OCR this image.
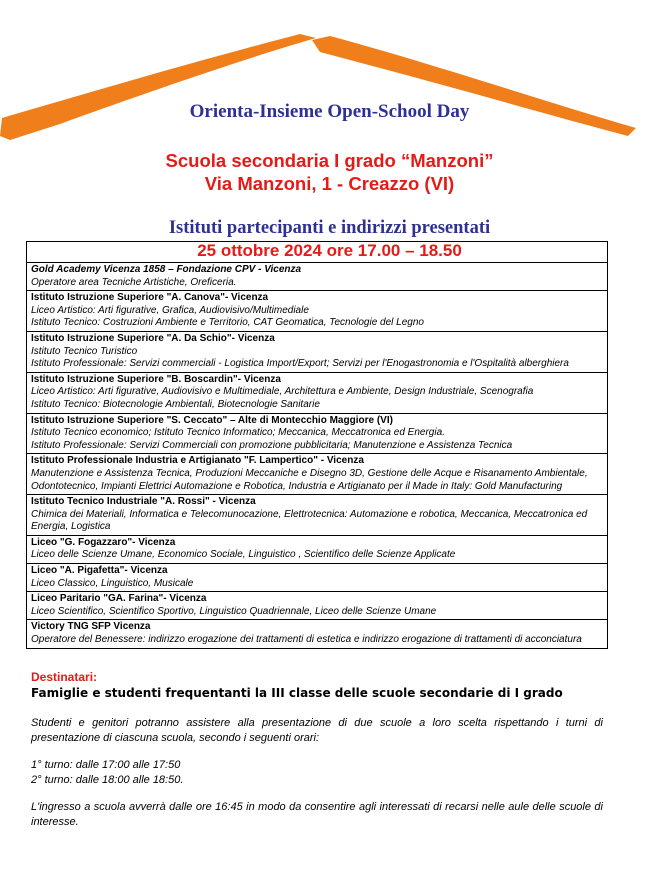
Orienta-Insieme Open-School Day
Scuola secondaria I grado “Manzoni”
Via Manzoni, 1 - Creazzo (VI)
Istituti partecipanti e indirizzi presentati
Gold Academy Vicenza 1858 – Fondazione CPV - Vicenza
Operatore area Tecniche Artistiche, Oreficeria.
Istituto Istruzione Superiore "A. Canova"- Vicenza
Liceo Artistico: Arti figurative, Grafica, Audiovisivo/Multimediale
Istituto Tecnico: Costruzioni Ambiente e Territorio, CAT Geomatica, Tecnologie del Legno
Istituto Istruzione Superiore "A. Da Schio"- Vicenza
Istituto Tecnico Turistico
Istituto Professionale: Servizi commerciali - Logistica Import/Export; Servizi per l'Enogastronomia e l'Ospitalità alberghiera
Istituto Istruzione Superiore "B. Boscardin"- Vicenza
Liceo Artistico: Arti figurative, Audiovisivo e Multimediale, Architettura e Ambiente, Design Industriale, Scenografia
Istituto Tecnico: Biotecnologie Ambientali, Biotecnologie Sanitarie
Istituto Istruzione Superiore "S. Ceccato" – Alte di Montecchio Maggiore (VI)
Istituto Tecnico economico; Istituto Tecnico Informatico; Meccanica, Meccatronica ed Energia.
Istituto Professionale: Servizi Commerciali con promozione pubblicitaria; Manutenzione e Assistenza Tecnica
Istituto Professionale Industria e Artigianato "F. Lampertico" - Vicenza
Manutenzione e Assistenza Tecnica, Produzioni Meccaniche e Disegno 3D, Gestione delle Acque e Risanamento Ambientale, Odontotecnico, Impianti Elettrici Automazione e Robotica, Industria e Artigianato per il Made in Italy: Gold Manufacturing
Istituto Tecnico Industriale "A. Rossi" - Vicenza
Chimica dei Materiali, Informatica e Telecomunocazione, Elettrotecnica: Automazione e robotica, Meccanica, Meccatronica ed Energia, Logistica
Liceo "G. Fogazzaro"- Vicenza
Liceo delle Scienze Umane, Economico Sociale, Linguistico , Scientifico delle Scienze Applicate
Liceo "A. Pigafetta"- Vicenza
Liceo Classico, Linguistico, Musicale
Liceo Paritario "GA. Farina"- Vicenza
Liceo Scientifico, Scientifico Sportivo, Linguistico Quadriennale, Liceo delle Scienze Umane
Victory TNG SFP Vicenza
Operatore del Benessere: indirizzo erogazione dei trattamenti di estetica e indirizzo erogazione di trattamenti di acconciatura
25 ottobre 2024 ore 17.00 – 18.50
Destinatari:
Famiglie e studenti frequentanti la III classe delle scuole secondarie di I grado
Studenti e genitori potranno assistere alla presentazione di due scuole a loro scelta rispettando i turni di presentazione di ciascuna scuola, secondo i seguenti orari:
1° turno: dalle 17:00 alle 17:50
2° turno: dalle 18:00 alle 18:50.
L'ingresso a scuola avverrà dalle ore 16:45 in modo da consentire agli interessati di recarsi nelle aule delle scuole di interesse.
